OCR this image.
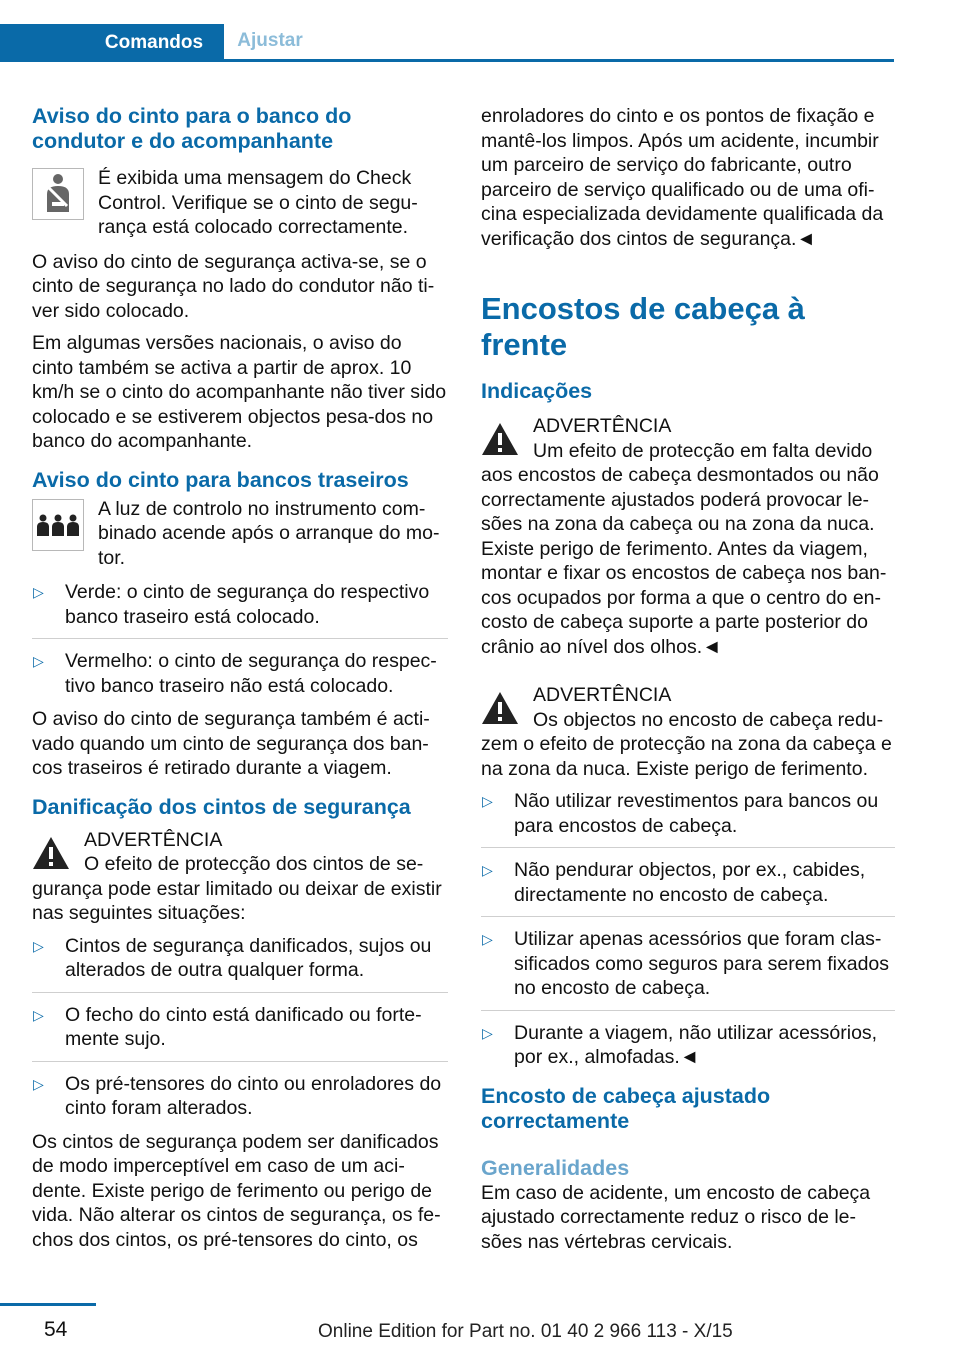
Comandos	Ajustar
Aviso do cinto para o banco do condutor e do acompanhante
É exibida uma mensagem do Check Control. Verifique se o cinto de segu-rança está colocado correctamente.

O aviso do cinto de segurança activa-se, se o cinto de segurança no lado do condutor não ti-ver sido colocado.

Em algumas versões nacionais, o aviso do cinto também se activa a partir de aprox. 10 km/h se o cinto do acompanhante não tiver sido colocado e se estiverem objectos pesa-dos no banco do acompanhante.

Aviso do cinto para bancos traseiros
A luz de controlo no instrumento com-binado acende após o arranque do mo-tor.
▷ Verde: o cinto de segurança do respectivo banco traseiro está colocado.
▷ Vermelho: o cinto de segurança do respec-tivo banco traseiro não está colocado.

O aviso do cinto de segurança também é acti-vado quando um cinto de segurança dos ban-cos traseiros é retirado durante a viagem.

Danificação dos cintos de segurança
ADVERTÊNCIA
O efeito de protecção dos cintos de se-gurança pode estar limitado ou deixar de existir nas seguintes situações:
▷ Cintos de segurança danificados, sujos ou alterados de outra qualquer forma.
▷ O fecho do cinto está danificado ou forte-mente sujo.
▷ Os pré-tensores do cinto ou enroladores do cinto foram alterados.

Os cintos de segurança podem ser danificados de modo imperceptível em caso de um aci-dente. Existe perigo de ferimento ou perigo de vida. Não alterar os cintos de segurança, os fe-chos dos cintos, os pré-tensores do cinto, os

enroladores do cinto e os pontos de fixação e mantê-los limpos. Após um acidente, incumbir um parceiro de serviço do fabricante, outro parceiro de serviço qualificado ou de uma ofi-cina especializada devidamente qualificada da verificação dos cintos de segurança.◄

Encostos de cabeça à frente
Indicações
ADVERTÊNCIA
Um efeito de protecção em falta devido aos encostos de cabeça desmontados ou não correctamente ajustados poderá provocar le-sões na zona da cabeça ou na zona da nuca. Existe perigo de ferimento. Antes da viagem, montar e fixar os encostos de cabeça nos ban-cos ocupados por forma a que o centro do en-costo de cabeça suporte a parte posterior do crânio ao nível dos olhos.◄
ADVERTÊNCIA
Os objectos no encosto de cabeça redu-zem o efeito de protecção na zona da cabeça e na zona da nuca. Existe perigo de ferimento.
▷ Não utilizar revestimentos para bancos ou para encostos de cabeça.
▷ Não pendurar objectos, por ex., cabides, directamente no encosto de cabeça.
▷ Utilizar apenas acessórios que foram clas-sificados como seguros para serem fixados no encosto de cabeça.
▷ Durante a viagem, não utilizar acessórios, por ex., almofadas.◄
Encosto de cabeça ajustado correctamente
Generalidades

Em caso de acidente, um encosto de cabeça ajustado correctamente reduz o risco de le-sões nas vértebras cervicais.

54	Online Edition for Part no. 01 40 2 966 113 - X/15
